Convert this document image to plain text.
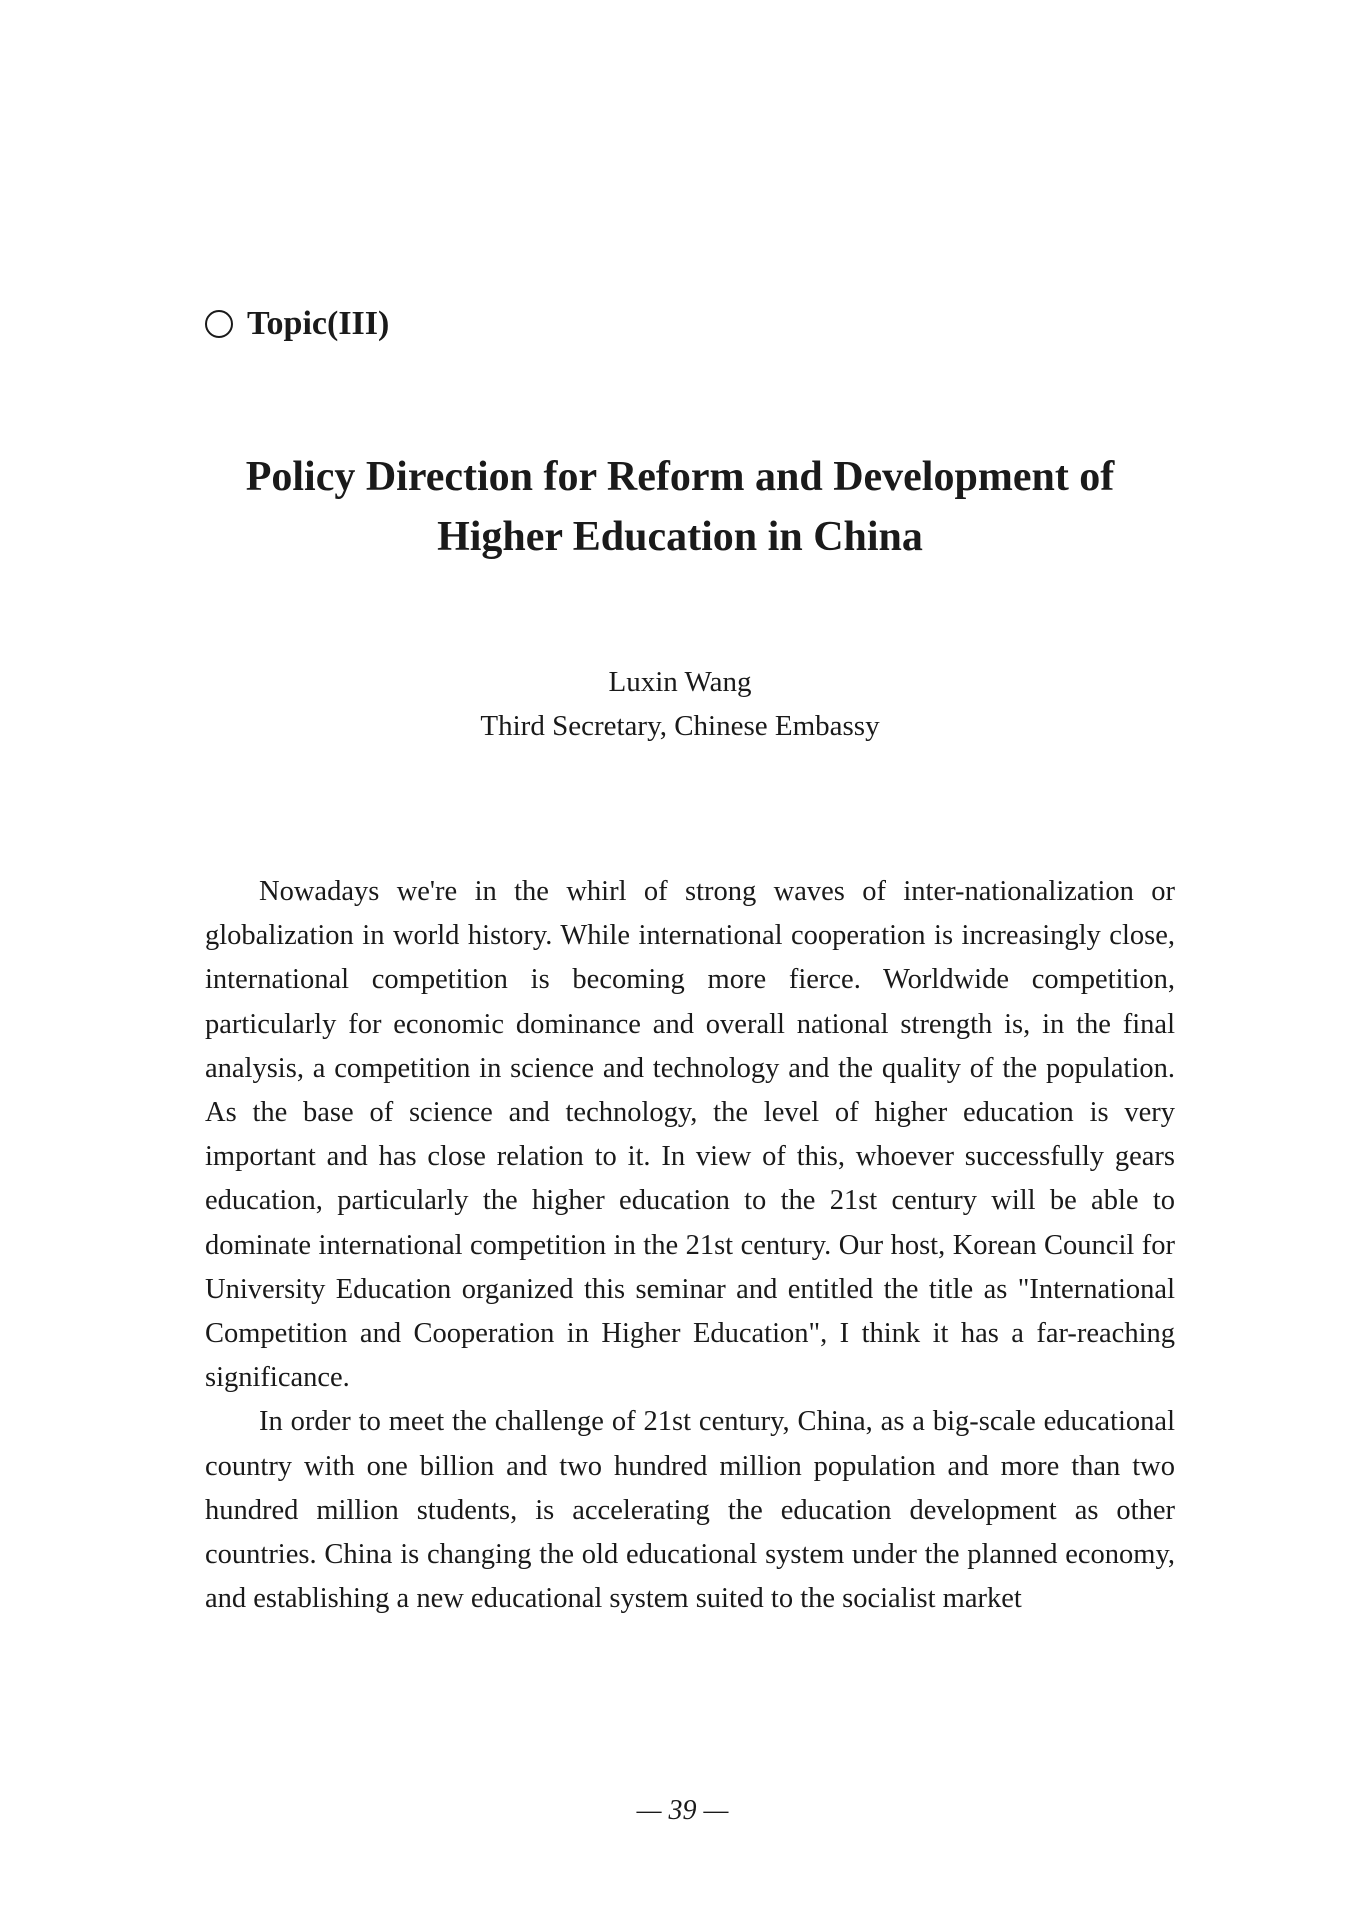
Topic(III)
Policy Direction for Reform and Development of
Higher Education in China
Luxin Wang
Third Secretary, Chinese Embassy

Nowadays we're in the whirl of strong waves of inter-nationalization or globalization in world history. While international cooperation is increasingly close, international competition is becoming more fierce. Worldwide competition, particularly for economic dominance and overall national strength is, in the final analysis, a competition in science and technology and the quality of the population. As the base of science and technology, the level of higher education is very important and has close relation to it. In view of this, whoever successfully gears education, particularly the higher education to the 21st century will be able to dominate international competition in the 21st century. Our host, Korean Council for University Education organized this seminar and entitled the title as "International Competition and Cooperation in Higher Education", I think it has a far-reaching significance.

In order to meet the challenge of 21st century, China, as a big-scale educational country with one billion and two hundred million population and more than two hundred million students, is accelerating the education development as other countries. China is changing the old educational system under the planned economy, and establishing a new educational system suited to the socialist market

— 39 —
